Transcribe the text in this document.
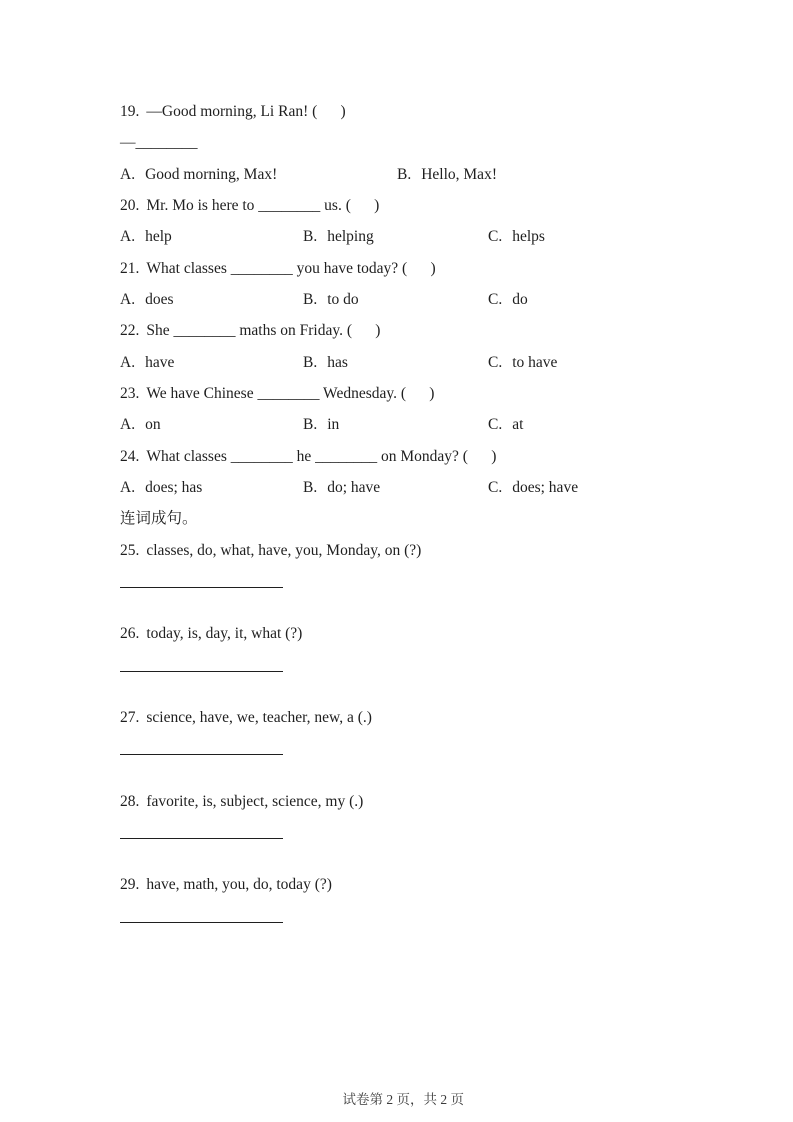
19. —Good morning, Li Ran! (      )
—________
A. Good morning, Max!	B. Hello, Max!
20. Mr. Mo is here to ________ us. (      )
A. help	B. helping	C. helps
21. What classes ________ you have today? (      )
A. does	B. to do	C. do
22. She ________ maths on Friday. (      )
A. have	B. has	C. to have
23. We have Chinese ________ Wednesday. (      )
A. on	B. in	C. at
24. What classes ________ he ________ on Monday? (      )
A. does; has	B. do; have	C. does; have
连词成句。
25. classes, do, what, have, you, Monday, on (?)
26. today, is, day, it, what (?)
27. science, have, we, teacher, new, a (.)
28. favorite, is, subject, science, my (.)
29. have, math, you, do, today (?)

试卷第 2 页，共 2 页
